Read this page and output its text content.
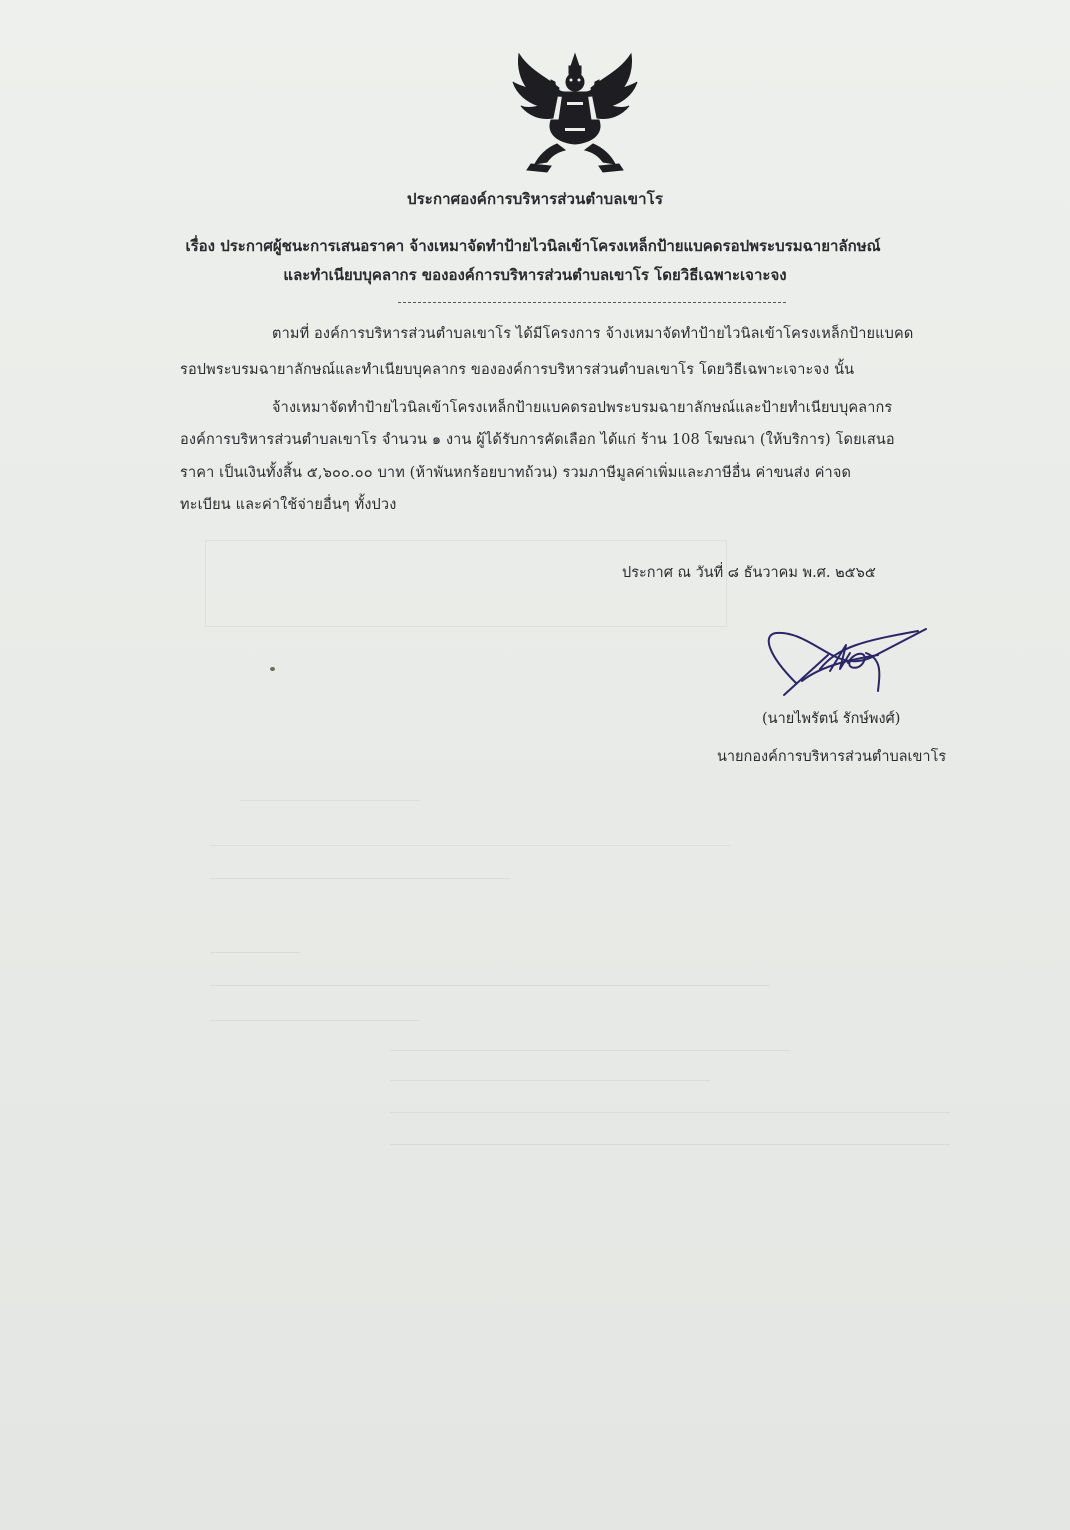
ประกาศองค์การบริหารส่วนตำบลเขาโร
เรื่อง ประกาศผู้ชนะการเสนอราคา จ้างเหมาจัดทำป้ายไวนิลเข้าโครงเหล็กป้ายแบคดรอปพระบรมฉายาลักษณ์
และทำเนียบบุคลากร ขององค์การบริหารส่วนตำบลเขาโร โดยวิธีเฉพาะเจาะจง
ตามที่ องค์การบริหารส่วนตำบลเขาโร ได้มีโครงการ จ้างเหมาจัดทำป้ายไวนิลเข้าโครงเหล็กป้ายแบคด
รอปพระบรมฉายาลักษณ์และทำเนียบบุคลากร ขององค์การบริหารส่วนตำบลเขาโร โดยวิธีเฉพาะเจาะจง นั้น
จ้างเหมาจัดทำป้ายไวนิลเข้าโครงเหล็กป้ายแบคดรอปพระบรมฉายาลักษณ์และป้ายทำเนียบบุคลากร
องค์การบริหารส่วนตำบลเขาโร จำนวน ๑ งาน ผู้ได้รับการคัดเลือก ได้แก่ ร้าน 108 โฆษณา (ให้บริการ) โดยเสนอ
ราคา เป็นเงินทั้งสิ้น ๕,๖๐๐.๐๐ บาท (ห้าพันหกร้อยบาทถ้วน) รวมภาษีมูลค่าเพิ่มและภาษีอื่น ค่าขนส่ง ค่าจด
ทะเบียน และค่าใช้จ่ายอื่นๆ ทั้งปวง
ประกาศ ณ วันที่ ๘ ธันวาคม พ.ศ. ๒๕๖๕
(นายไพรัตน์ รักษ์พงศ์)
นายกองค์การบริหารส่วนตำบลเขาโร
